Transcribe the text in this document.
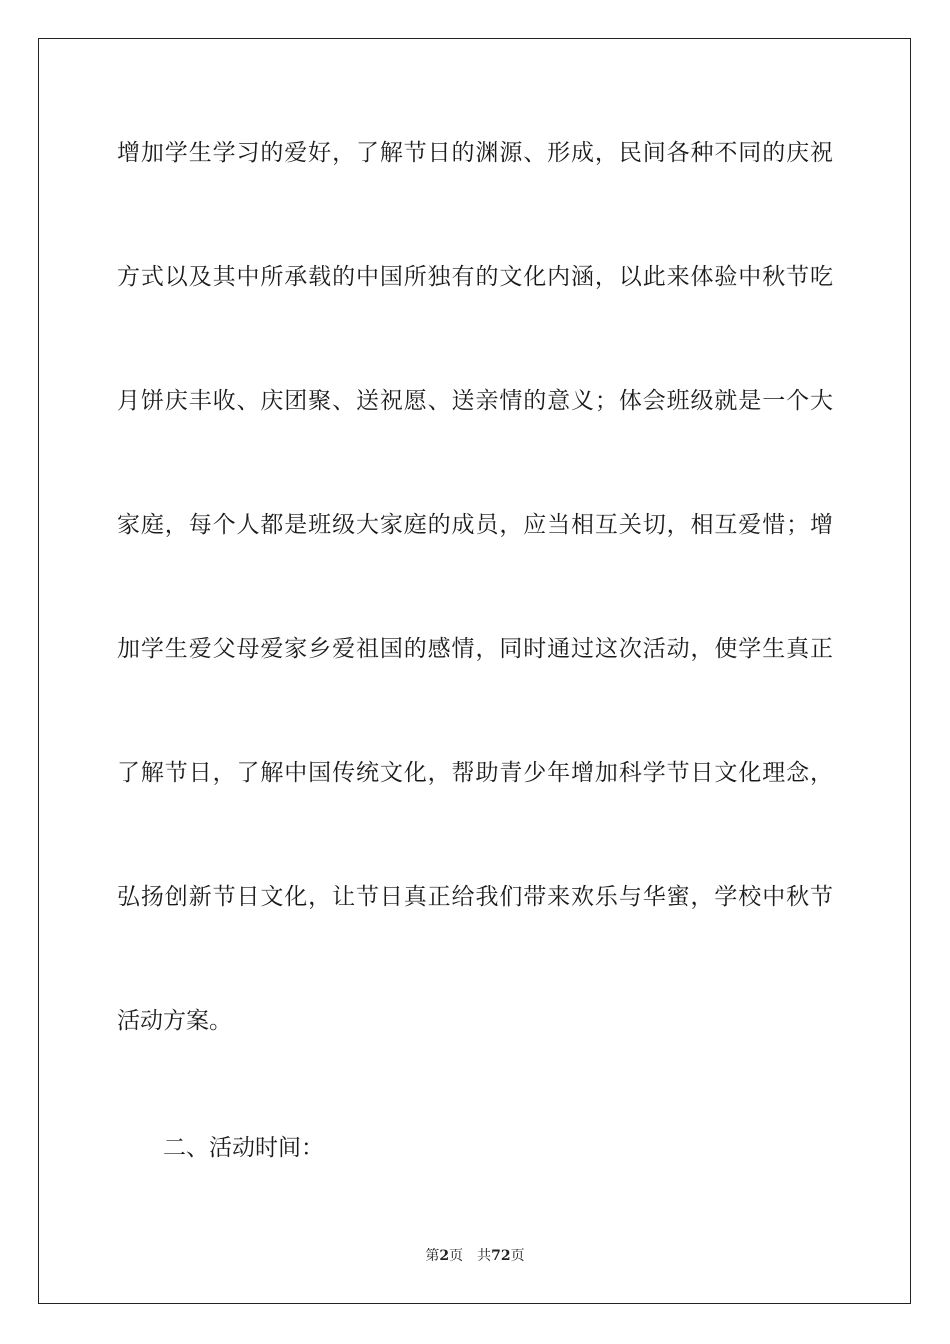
增加学生学习的爱好，了解节日的渊源、形成，民间各种不同的庆祝
方式以及其中所承载的中国所独有的文化内涵，以此来体验中秋节吃
月饼庆丰收、庆团聚、送祝愿、送亲情的意义；体会班级就是一个大
家庭，每个人都是班级大家庭的成员，应当相互关切，相互爱惜；增
加学生爱父母爱家乡爱祖国的感情，同时通过这次活动，使学生真正
了解节日，了解中国传统文化，帮助青少年增加科学节日文化理念，
弘扬创新节日文化，让节日真正给我们带来欢乐与华蜜，学校中秋节
活动方案。
二、活动时间：
第2页 共72页
